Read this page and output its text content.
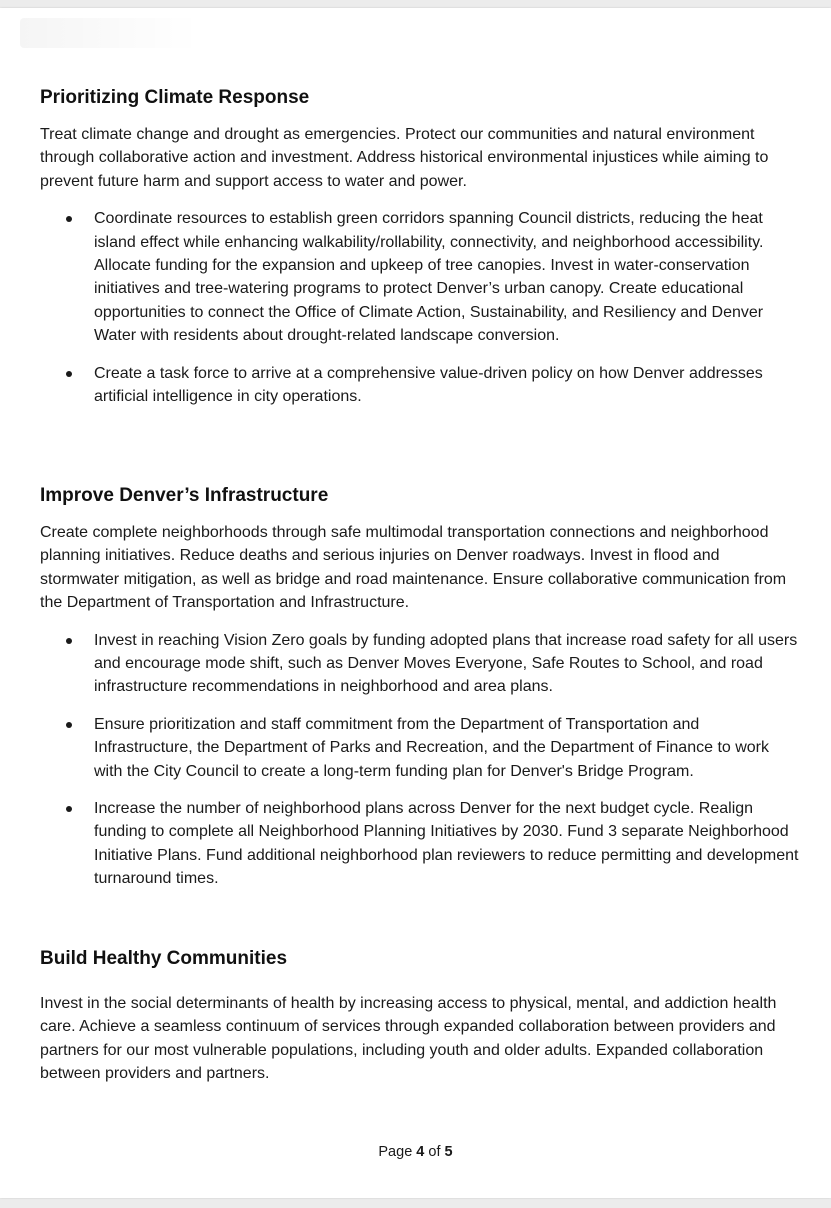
Prioritizing Climate Response

Treat climate change and drought as emergencies. Protect our communities and natural environment through collaborative action and investment. Address historical environmental injustices while aiming to prevent future harm and support access to water and power.

Coordinate resources to establish green corridors spanning Council districts, reducing the heat island effect while enhancing walkability/rollability, connectivity, and neighborhood accessibility. Allocate funding for the expansion and upkeep of tree canopies. Invest in water-conservation initiatives and tree-watering programs to protect Denver’s urban canopy. Create educational opportunities to connect the Office of Climate Action, Sustainability, and Resiliency and Denver Water with residents about drought-related landscape conversion.
Create a task force to arrive at a comprehensive value-driven policy on how Denver addresses artificial intelligence in city operations.
Improve Denver’s Infrastructure

Create complete neighborhoods through safe multimodal transportation connections and neighborhood planning initiatives. Reduce deaths and serious injuries on Denver roadways. Invest in flood and stormwater mitigation, as well as bridge and road maintenance. Ensure collaborative communication from the Department of Transportation and Infrastructure.

Invest in reaching Vision Zero goals by funding adopted plans that increase road safety for all users and encourage mode shift, such as Denver Moves Everyone, Safe Routes to School, and road infrastructure recommendations in neighborhood and area plans.
Ensure prioritization and staff commitment from the Department of Transportation and Infrastructure, the Department of Parks and Recreation, and the Department of Finance to work with the City Council to create a long-term funding plan for Denver's Bridge Program.
Increase the number of neighborhood plans across Denver for the next budget cycle. Realign funding to complete all Neighborhood Planning Initiatives by 2030. Fund 3 separate Neighborhood Initiative Plans. Fund additional neighborhood plan reviewers to reduce permitting and development turnaround times.
Build Healthy Communities

Invest in the social determinants of health by increasing access to physical, mental, and addiction health care. Achieve a seamless continuum of services through expanded collaboration between providers and partners for our most vulnerable populations, including youth and older adults. Expanded collaboration between providers and partners.

Page 4 of 5
